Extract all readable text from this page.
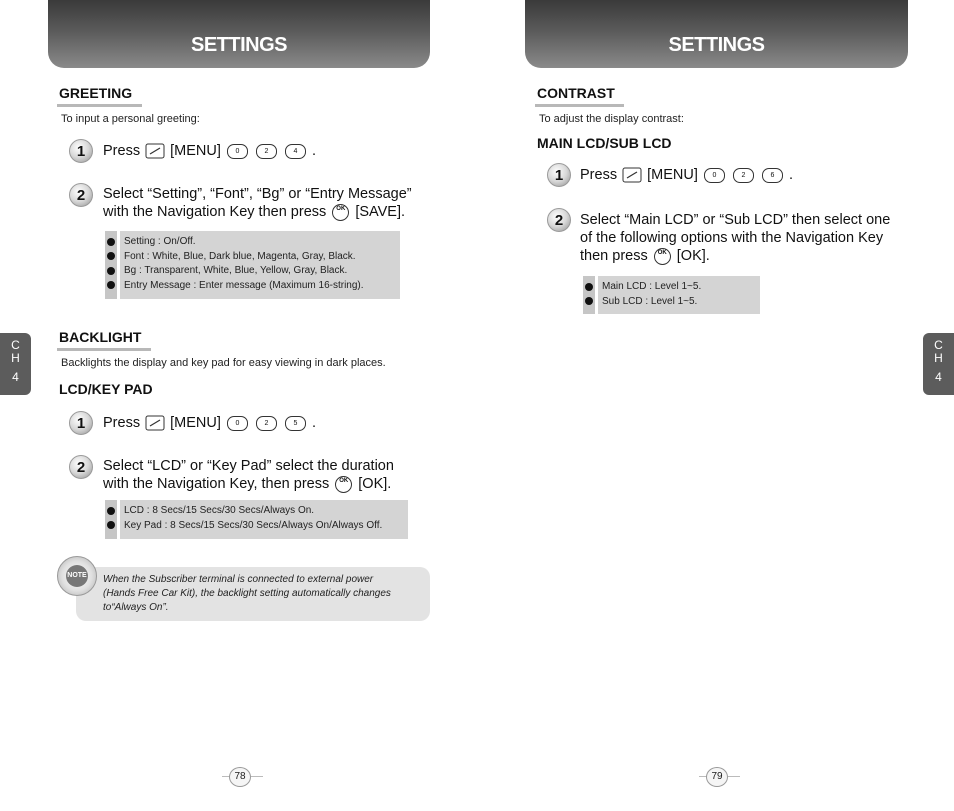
SETTINGS
GREETING
To input a personal greeting:
1	Press [MENU] 0	2	4 .
2	Select “Setting”, “Font”, “Bg” or “Entry Message”
with the Navigation Key then press OK [SAVE].
Setting : On/Off.
Font : White, Blue, Dark blue, Magenta, Gray, Black.
Bg : Transparent, White, Blue, Yellow, Gray, Black.
Entry Message : Enter message (Maximum 16-string).
C
H
4
BACKLIGHT
Backlights the display and key pad for easy viewing in dark places.
LCD/KEY PAD
1	Press [MENU] 0	2	5 .
2	Select “LCD” or “Key Pad” select the duration
with the Navigation Key, then press OK [OK].
LCD : 8 Secs/15 Secs/30 Secs/Always On.
Key Pad : 8 Secs/15 Secs/30 Secs/Always On/Always Off.
When the Subscriber terminal is connected to external power
(Hands Free Car Kit), the backlight setting automatically changes
to“Always On”.
NOTE
78
SETTINGS
CONTRAST
To adjust the display contrast:
MAIN LCD/SUB LCD
1	Press [MENU] 0	2	6 .
2	Select “Main LCD” or “Sub LCD” then select one
of the following options with the Navigation Key
then press OK [OK].
Main LCD : Level 1~5.
Sub LCD : Level 1~5.
C
H
4
79
